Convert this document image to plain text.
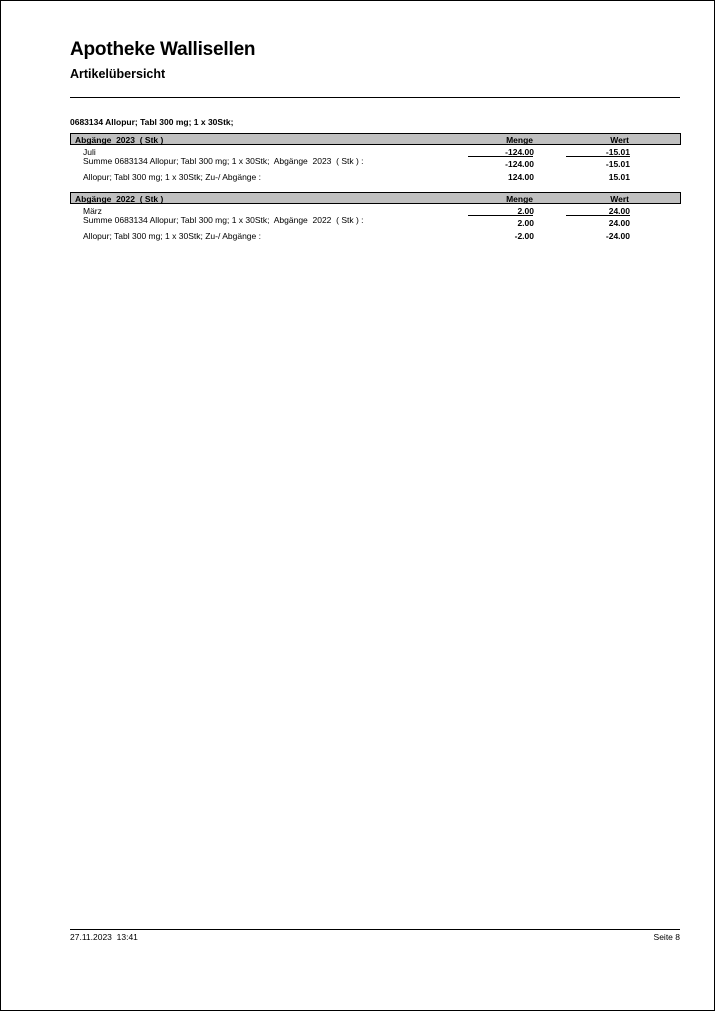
Apotheke Wallisellen
Artikelübersicht
0683134 Allopur; Tabl 300 mg; 1 x 30Stk;
Abgänge  2023  ( Stk )	Menge	Wert
Juli	-124.00	-15.01
Summe 0683134 Allopur; Tabl 300 mg; 1 x 30Stk;  Abgänge  2023  ( Stk ) :	-124.00	-15.01
Allopur; Tabl 300 mg; 1 x 30Stk; Zu-/ Abgänge :	124.00	15.01
Abgänge  2022  ( Stk )	Menge	Wert
März	2.00	24.00
Summe 0683134 Allopur; Tabl 300 mg; 1 x 30Stk;  Abgänge  2022  ( Stk ) :	2.00	24.00
Allopur; Tabl 300 mg; 1 x 30Stk; Zu-/ Abgänge :	-2.00	-24.00
27.11.2023  13:41	Seite 8
